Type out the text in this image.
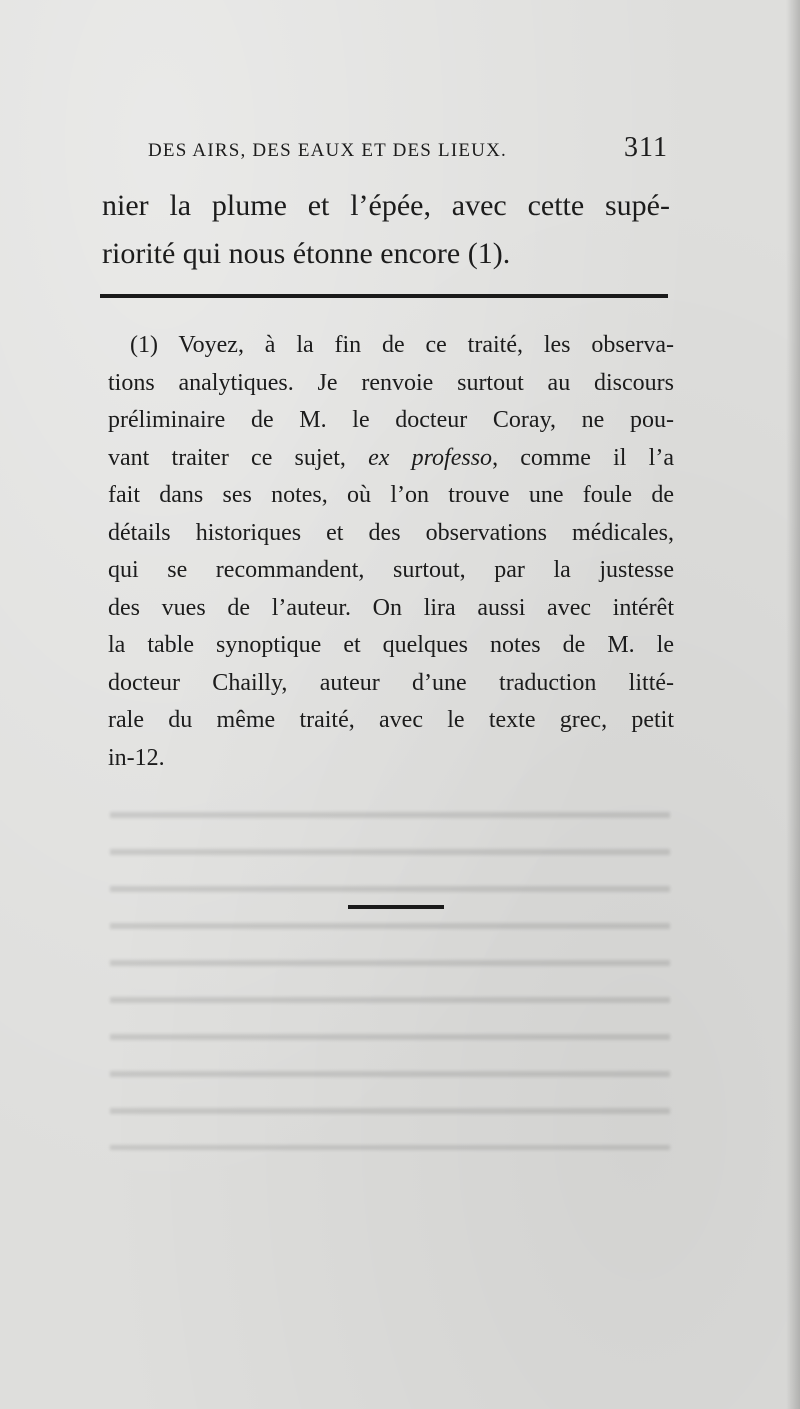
DES AIRS, DES EAUX ET DES LIEUX.	311

nier la plume et l’épée, avec cette supé-
riorité qui nous étonne encore (1).

(1) Voyez, à la fin de ce traité, les observa-
tions analytiques. Je renvoie surtout au discours
préliminaire de M. le docteur Coray, ne pou-
vant traiter ce sujet, ex professo, comme il l’a
fait dans ses notes, où l’on trouve une foule de
détails historiques et des observations médicales,
qui se recommandent, surtout, par la justesse
des vues de l’auteur. On lira aussi avec intérêt
la table synoptique et quelques notes de M. le
docteur Chailly, auteur d’une traduction litté-
rale du même traité, avec le texte grec, petit
in-12.
